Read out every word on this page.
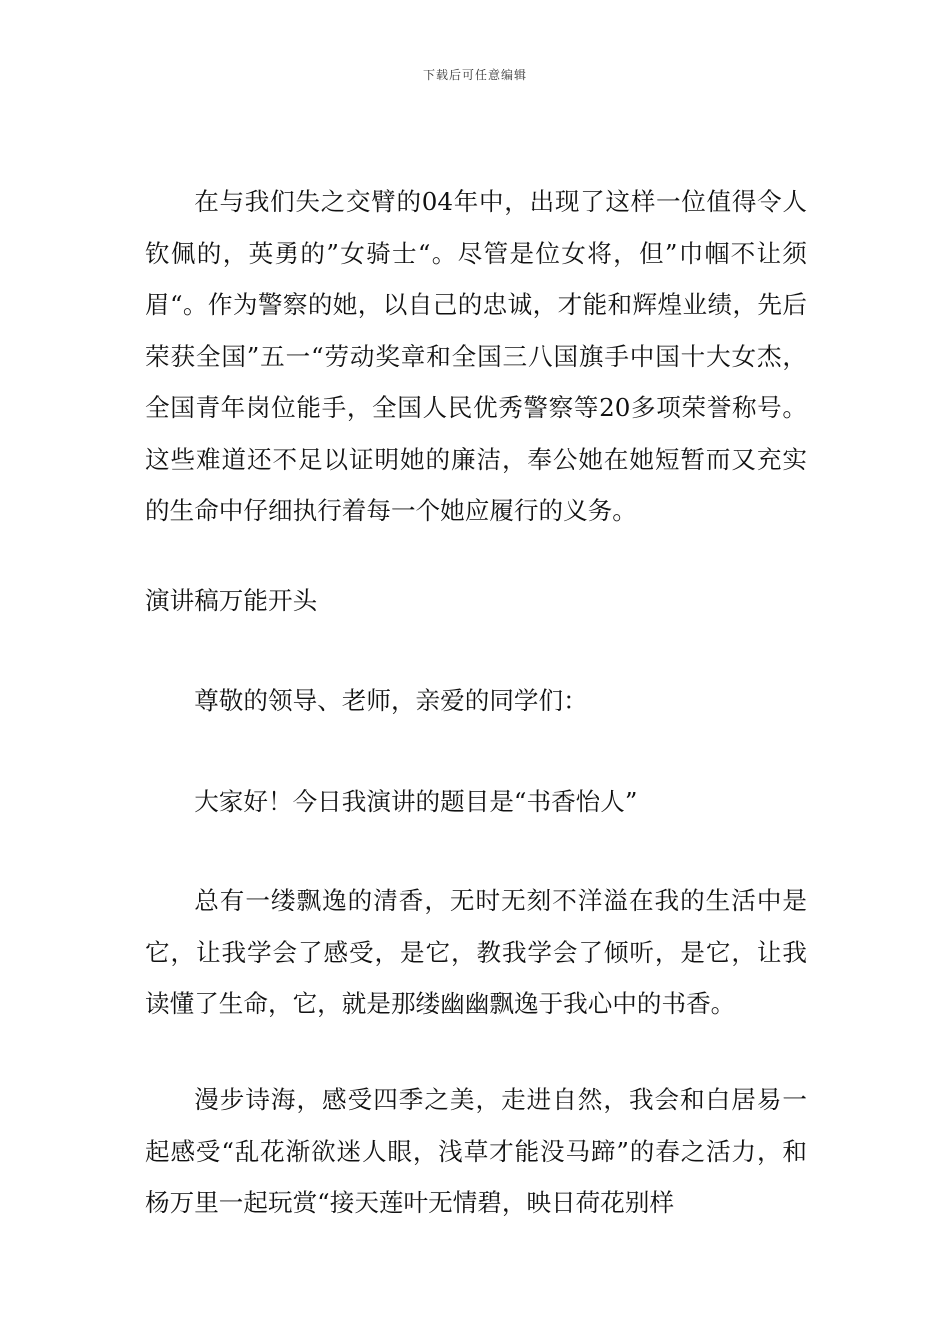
下载后可任意编辑

在与我们失之交臂的04年中，出现了这样一位值得令人钦佩的，英勇的”女骑士“。尽管是位女将，但”巾帼不让须眉“。作为警察的她，以自己的忠诚，才能和辉煌业绩，先后荣获全国”五一“劳动奖章和全国三八国旗手中国十大女杰，全国青年岗位能手，全国人民优秀警察等20多项荣誉称号。这些难道还不足以证明她的廉洁，奉公她在她短暂而又充实的生命中仔细执行着每一个她应履行的义务。

演讲稿万能开头

尊敬的领导、老师，亲爱的同学们：

大家好！今日我演讲的题目是“书香怡人”

总有一缕飘逸的清香，无时无刻不洋溢在我的生活中是它，让我学会了感受，是它，教我学会了倾听，是它，让我读懂了生命，它，就是那缕幽幽飘逸于我心中的书香。

漫步诗海，感受四季之美，走进自然，我会和白居易一起感受“乱花渐欲迷人眼，浅草才能没马蹄”的春之活力，和杨万里一起玩赏“接天莲叶无情碧，映日荷花别样
